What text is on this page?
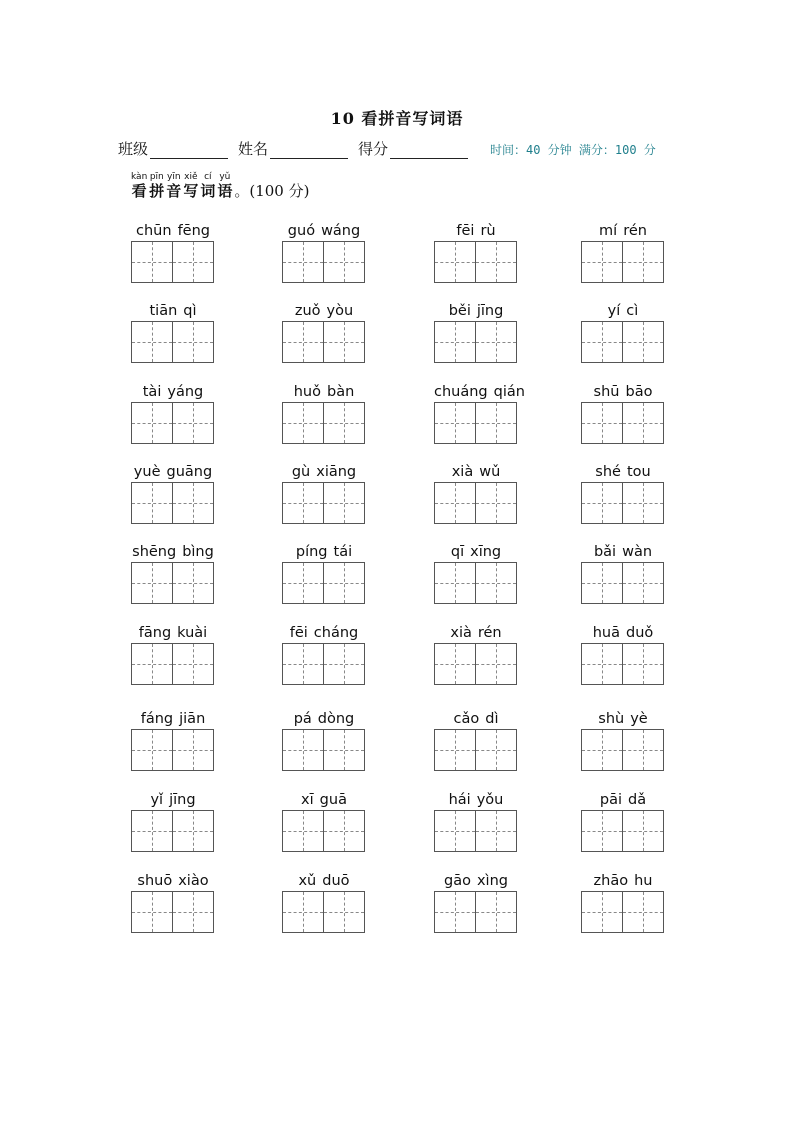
10 看拼音写词语
班级	姓名	得分	时间：40 分钟 满分：100 分
kàn
看
pīn
拼
yīn
音
xiě
写
cí
词
yǔ
语 。(100 分)
chūn fēng	guó wáng	fēi rù	mí rén
tiān qì	zuǒ yòu	běi jīng	yí cì
tài yáng	huǒ bàn	chuáng qián	shū bāo
yuè guāng	gù xiāng	xià wǔ	shé tou
shēng bìng	píng tái	qī xīng	bǎi wàn
fāng kuài	fēi cháng	xià rén	huā duǒ
fáng jiān	pá dòng	cǎo dì	shù yè
yǐ jīng	xī guā	hái yǒu	pāi dǎ
shuō xiào	xǔ duō	gāo xìng	zhāo hu
